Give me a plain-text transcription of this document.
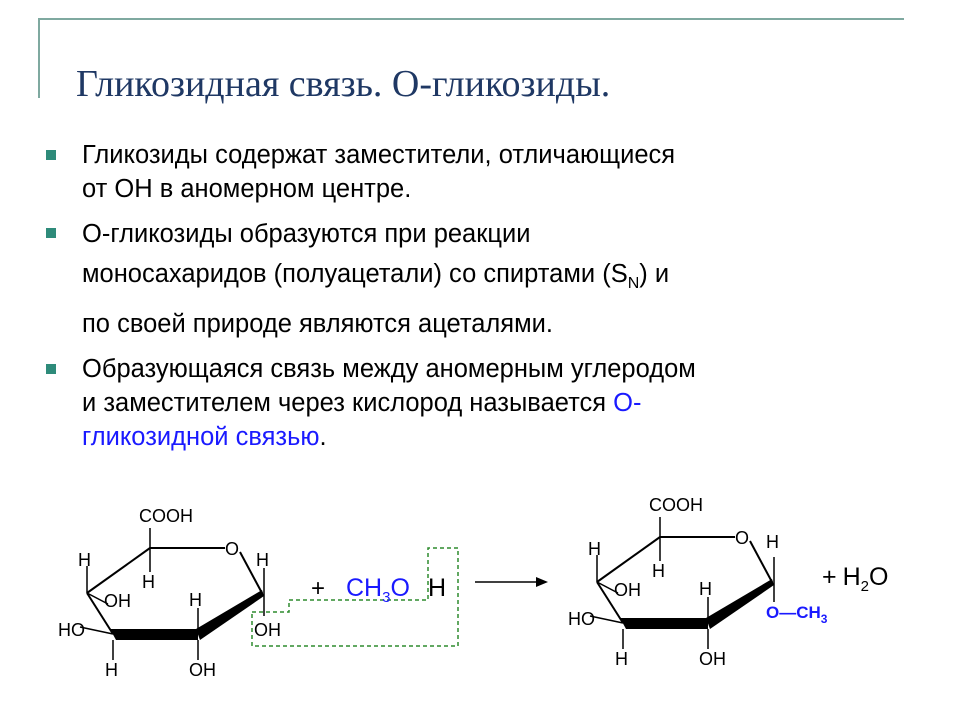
Гликозидная связь. О-гликозиды.
Гликозиды содержат заместители, отличающиеся
от ОН в аномерном центре.
О-гликозиды образуются при реакции
моносахаридов (полуацетали) со спиртами $(S_N)$ и
по своей природе являются ацеталями.
Образующаяся связь между аномерным углеродом
и заместителем через кислород называется О-
гликозидной связью.
COOH
O
H	H
H
OH	H
HO	OH
H	OH
+ $CH_3O$ H
COOH
O
H	H
H
OH	H
HO	$O—CH_3$
H	OH
+ $H_2O$
